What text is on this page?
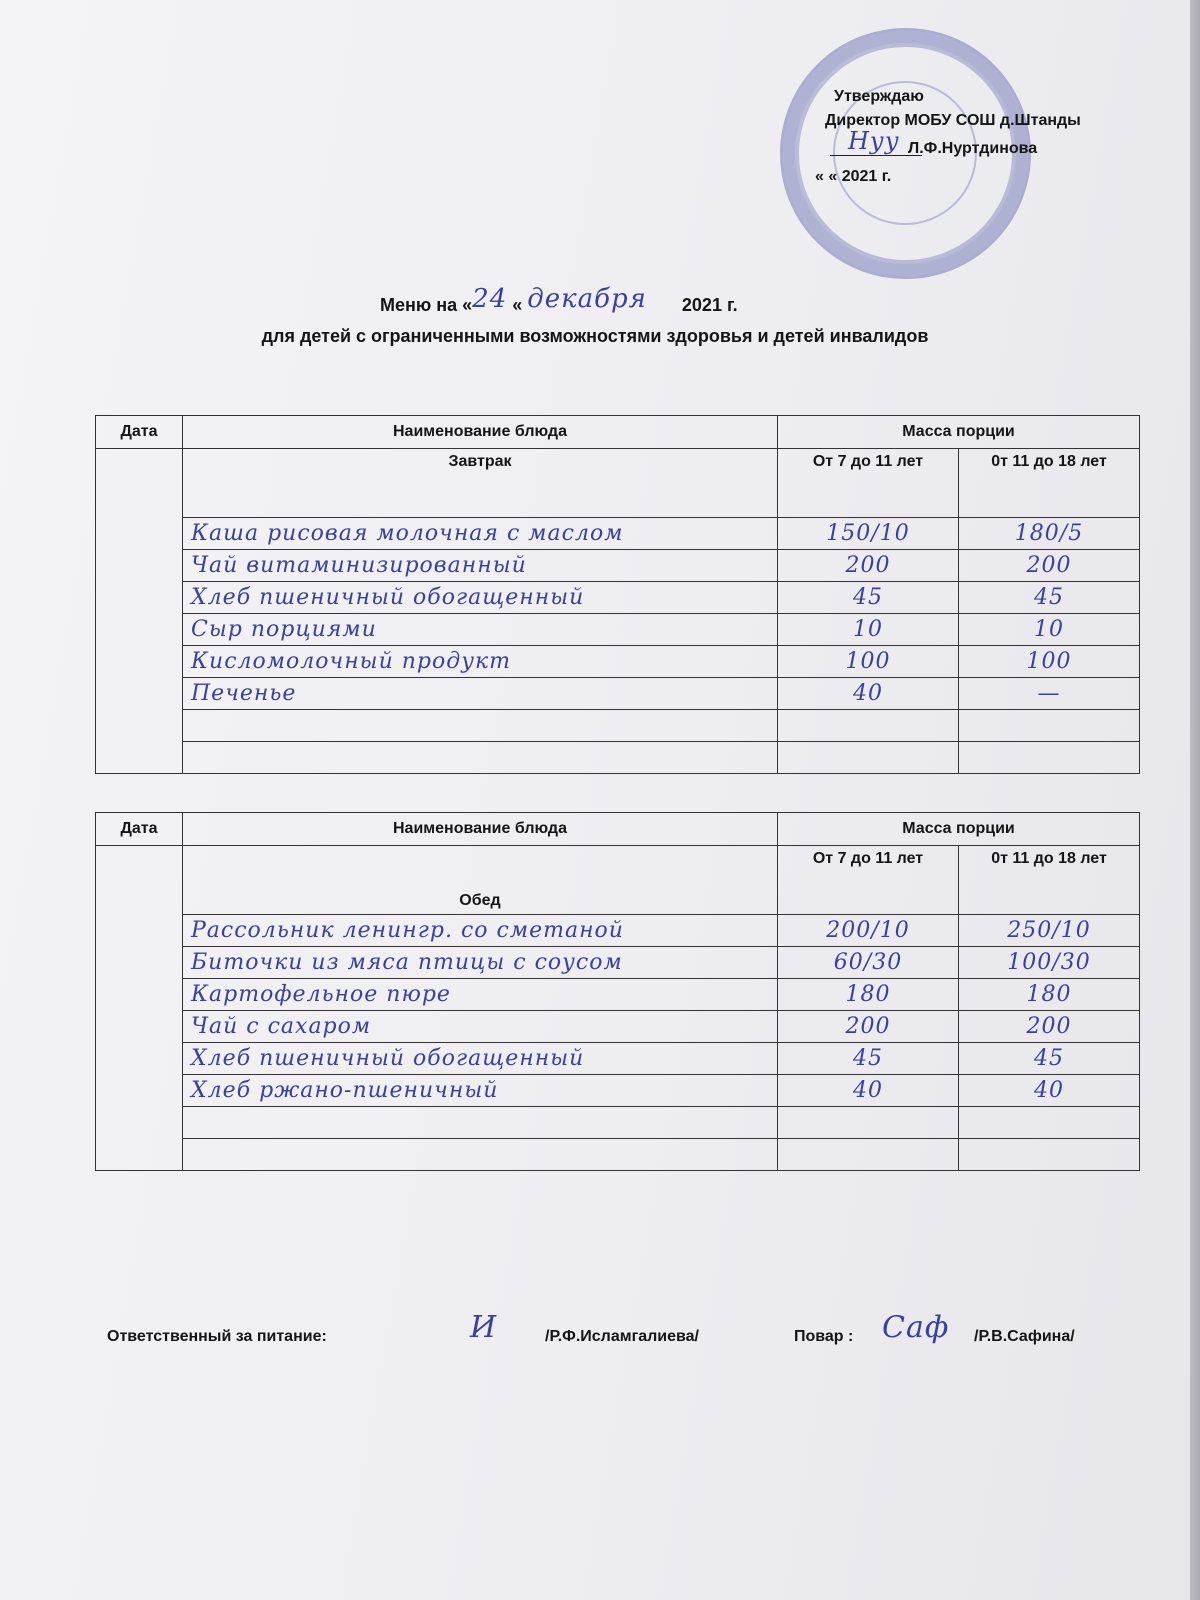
Утверждаю
Директор МОБУ СОШ д.Штанды
Нуу Л.Ф.Нуртдинова
« « 2021 г.
Меню на «24 « декабря 2021 г.
для детей с ограниченными возможностями здоровья и детей инвалидов
Дата	Наименование блюда	Масса порции	
	Завтрак	От 7 до 11 лет	0т 11 до 18 лет
	Каша рисовая молочная с маслом	150/10	180/5
	Чай витаминизированный	200	200
	Хлеб пшеничный обогащенный	45	45
	Сыр порциями	10	10
	Кисломолочный продукт	100	100
	Печенье	40	—

Дата	Наименование блюда	Масса порции	
	Обед	От 7 до 11 лет	0т 11 до 18 лет
	Рассольник ленингр. со сметаной	200/10	250/10
	Биточки из мяса птицы с соусом	60/30	100/30
	Картофельное пюре	180	180
	Чай с сахаром	200	200
	Хлеб пшеничный обогащенный	45	45
	Хлеб ржано-пшеничный	40	40

Ответственный за питание:	И	/Р.Ф.Исламгалиева/	Повар : Саф /Р.В.Сафина/
